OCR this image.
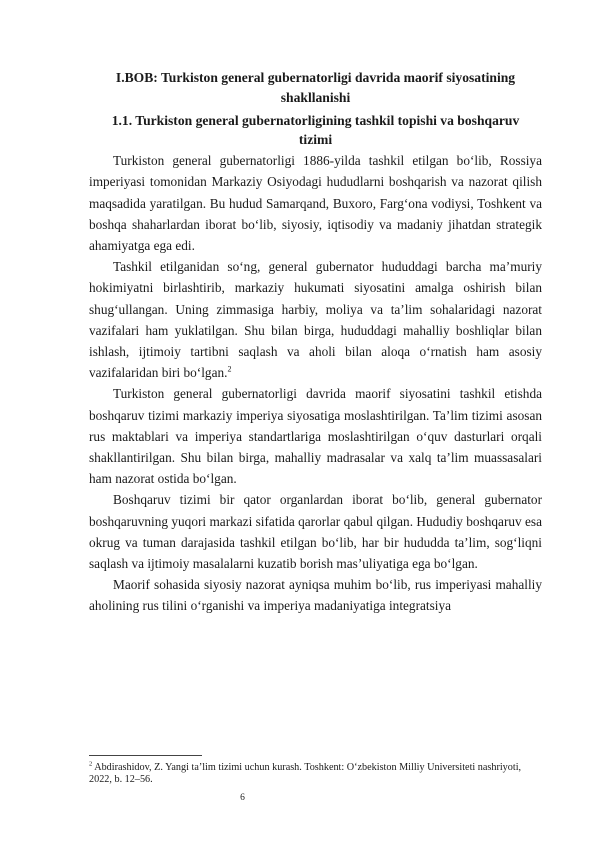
I.BOB: Turkiston general gubernatorligi davrida maorif siyosatining shakllanishi
1.1. Turkiston general gubernatorligining tashkil topishi va boshqaruv tizimi

Turkiston general gubernatorligi 1886-yilda tashkil etilgan bo‘lib, Rossiya imperiyasi tomonidan Markaziy Osiyodagi hududlarni boshqarish va nazorat qilish maqsadida yaratilgan. Bu hudud Samarqand, Buxoro, Farg‘ona vodiysi, Toshkent va boshqa shaharlardan iborat bo‘lib, siyosiy, iqtisodiy va madaniy jihatdan strategik ahamiyatga ega edi.

Tashkil etilganidan so‘ng, general gubernator hududdagi barcha ma’muriy hokimiyatni birlashtirib, markaziy hukumati siyosatini amalga oshirish bilan shug‘ullangan. Uning zimmasiga harbiy, moliya va ta’lim sohalaridagi nazorat vazifalari ham yuklatilgan. Shu bilan birga, hududdagi mahalliy boshliqlar bilan ishlash, ijtimoiy tartibni saqlash va aholi bilan aloqa o‘rnatish ham asosiy vazifalaridan biri bo‘lgan.$^2$

Turkiston general gubernatorligi davrida maorif siyosatini tashkil etishda boshqaruv tizimi markaziy imperiya siyosatiga moslashtirilgan. Ta’lim tizimi asosan rus maktablari va imperiya standartlariga moslashtirilgan o‘quv dasturlari orqali shakllantirilgan. Shu bilan birga, mahalliy madrasalar va xalq ta’lim muassasalari ham nazorat ostida bo‘lgan.

Boshqaruv tizimi bir qator organlardan iborat bo‘lib, general gubernator boshqaruvning yuqori markazi sifatida qarorlar qabul qilgan. Hududiy boshqaruv esa okrug va tuman darajasida tashkil etilgan bo‘lib, har bir hududda ta’lim, sog‘liqni saqlash va ijtimoiy masalalarni kuzatib borish mas’uliyatiga ega bo‘lgan.

Maorif sohasida siyosiy nazorat ayniqsa muhim bo‘lib, rus imperiyasi mahalliy aholining rus tilini o‘rganishi va imperiya madaniyatiga integratsiya

$^2$ Abdirashidov, Z. Yangi ta’lim tizimi uchun kurash. Toshkent: O‘zbekiston Milliy Universiteti nashriyoti, 2022, b. 12–56.

6
